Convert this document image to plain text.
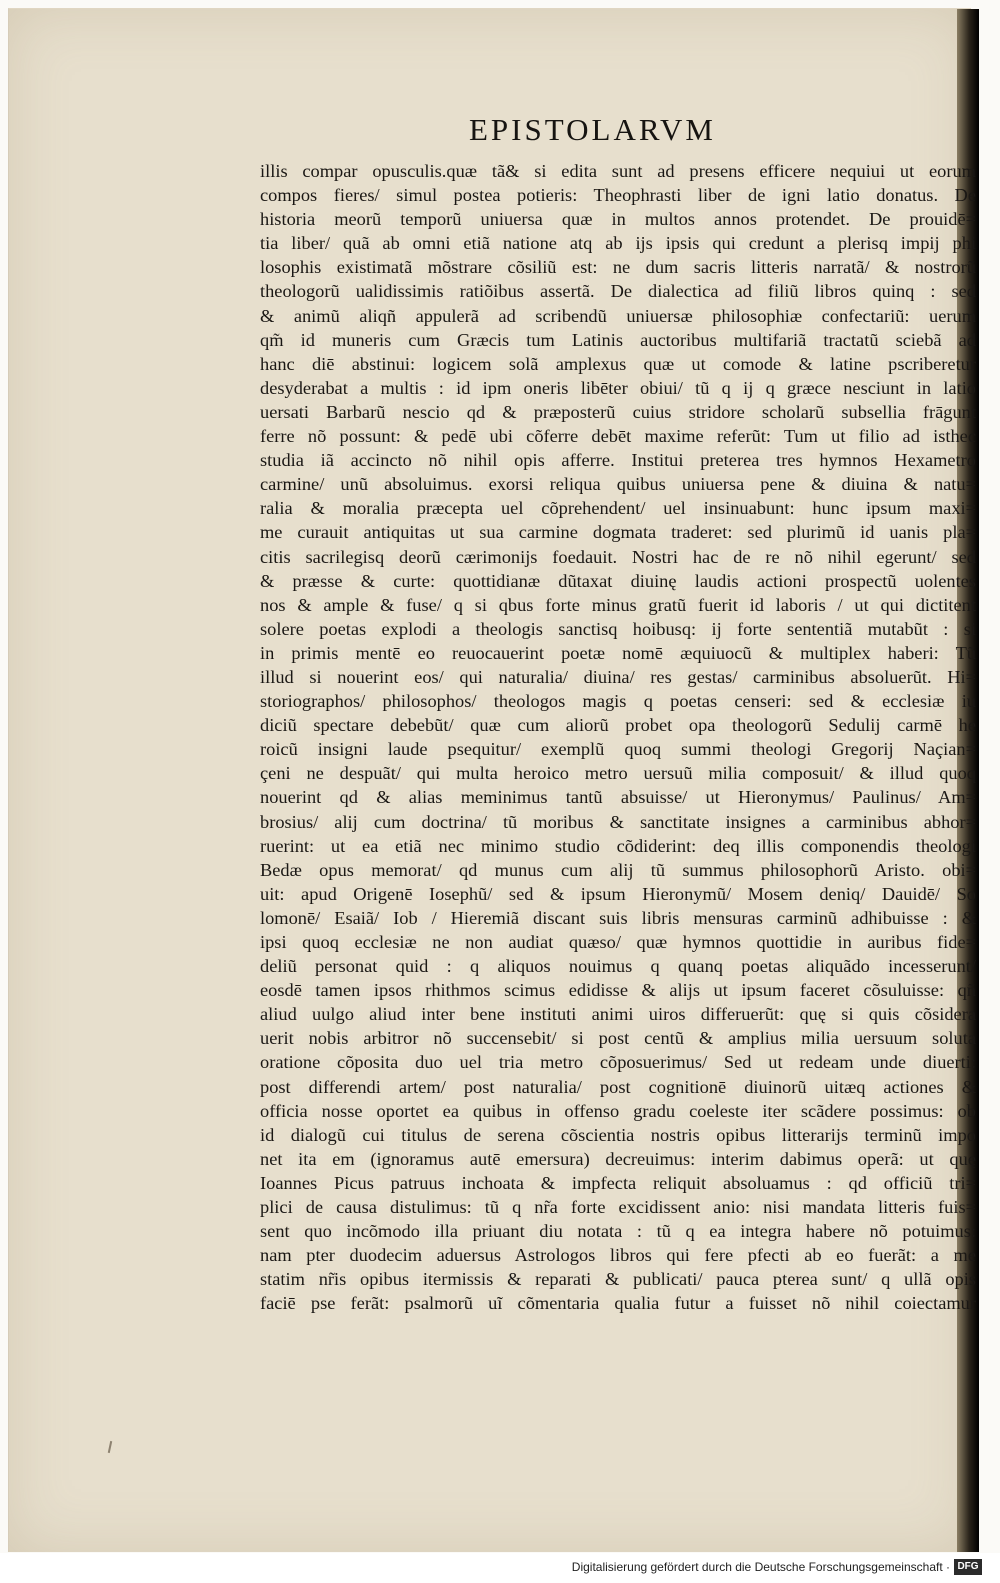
EPISTOLARVM
illis compar opusculis.quæ tã& si edita sunt ad presens efficere nequiui ut eorum
compos fieres/ simul postea potieris: Theophrasti liber de igni latio donatus. De
historia meorũ temporũ uniuersa quæ in multos annos protendet. De prouidē=
tia liber/ quã ab omni etiã natione atq ab ijs ipsis qui credunt a plerisq impij phi
losophis existimatã mõstrare cõsiliũ est: ne dum sacris litteris narratã/ & nostrorũ
theologorũ ualidissimis ratiõibus assertã. De dialectica ad filiũ libros quinq : sed
& animũ aliqñ appulerã ad scribendũ uniuersæ philosophiæ confectariũ: uerum
qm̃ id muneris cum Græcis tum Latinis auctoribus multifariã tractatũ sciebã ad
hanc diē abstinui: logicem solã amplexus quæ ut comode & latine pscriberetur
desyderabat a multis : id ipm oneris libēter obiui/ tũ q ij q græce nesciunt in latio
uersati Barbarũ nescio qd & præposterũ cuius stridore scholarũ subsellia frāgunt
ferre nõ possunt: & pedē ubi cõferre debēt maxime referũt: Tum ut filio ad isthec
studia iã accincto nõ nihil opis afferre. Institui preterea tres hymnos Hexametro
carmine/ unũ absoluimus. exorsi reliqua quibus uniuersa pene & diuina & natu=
ralia & moralia præcepta uel cõprehendent/ uel insinuabunt: hunc ipsum maxi=
me curauit antiquitas ut sua carmine dogmata traderet: sed plurimũ id uanis pla=
citis sacrilegisq deorũ cærimonijs foedauit. Nostri hac de re nõ nihil egerunt/ sed
& præsse & curte: quottidianæ dũtaxat diuinę laudis actioni prospectũ uolentes
nos & ample & fuse/ q si qbus forte minus gratũ fuerit id laboris / ut qui dictitent
solere poetas explodi a theologis sanctisq hoibusq: ij forte sententiã mutabũt : si
in primis mentē eo reuocauerint poetæ nomē æquiuocũ & multiplex haberi: Tũ
illud si nouerint eos/ qui naturalia/ diuina/ res gestas/ carminibus absoluerũt. Hi=
storiographos/ philosophos/ theologos magis q poetas censeri: sed & ecclesiæ iu
diciũ spectare debebũt/ quæ cum aliorũ probet opa theologorũ Sedulij carmē he
roicũ insigni laude psequitur/ exemplũ quoq summi theologi Gregorij Naçian=
çeni ne despuãt/ qui multa heroico metro uersuũ milia composuit/ & illud quoq
nouerint qd & alias meminimus tantũ absuisse/ ut Hieronymus/ Paulinus/ Am=
brosius/ alij cum doctrina/ tũ moribus & sanctitate insignes a carminibus abhor=
ruerint: ut ea etiã nec minimo studio cõdiderint: deq illis componendis theologi
Bedæ opus memorat/ qd munus cum alij tũ summus philosophorũ Aristo. obi=
uit: apud Origenē Iosephũ/ sed & ipsum Hieronymũ/ Mosem deniq/ Dauidē/ So
lomonē/ Esaiã/ Iob / Hieremiã discant suis libris mensuras carminũ adhibuisse : &
ipsi quoq ecclesiæ ne non audiat quæso/ quæ hymnos quottidie in auribus fide=
deliũ personat quid : q aliquos nouimus q quanq poetas aliquãdo incesserunt/
eosdē tamen ipsos rhithmos scimus edidisse & alijs ut ipsum faceret cõsuluisse: qñ
aliud uulgo aliud inter bene instituti animi uiros differuerũt: quę si quis cõsidera
uerit nobis arbitror nõ succensebit/ si post centũ & amplius milia uersuum soluta
oratione cõposita duo uel tria metro cõposuerimus/ Sed ut redeam unde diuerti:
post differendi artem/ post naturalia/ post cognitionē diuinorũ uitæq actiones &
officia nosse oportet ea quibus in offenso gradu coeleste iter scãdere possimus: ob
id dialogũ cui titulus de serena cõscientia nostris opibus litterarijs terminũ impo
net ita em (ignoramus autē emersura) decreuimus: interim dabimus operã: ut quę
Ioannes Picus patruus inchoata & impfecta reliquit absoluamus : qd officiũ tri=
plici de causa distulimus: tũ q nr̃a forte excidissent anio: nisi mandata litteris fuis=
sent quo incõmodo illa priuant diu notata : tũ q ea integra habere nõ potuimus:
nam pter duodecim aduersus Astrologos libros qui fere pfecti ab eo fuerãt: a me
statim nr̃is opibus itermissis & reparati & publicati/ pauca pterea sunt/ q ullã opis
faciē pse ferãt: psalmorũ uĩ cõmentaria qualia futur a fuisset nõ nihil coiectamur
Digitalisierung gefördert durch die Deutsche Forschungsgemeinschaft · DFG
